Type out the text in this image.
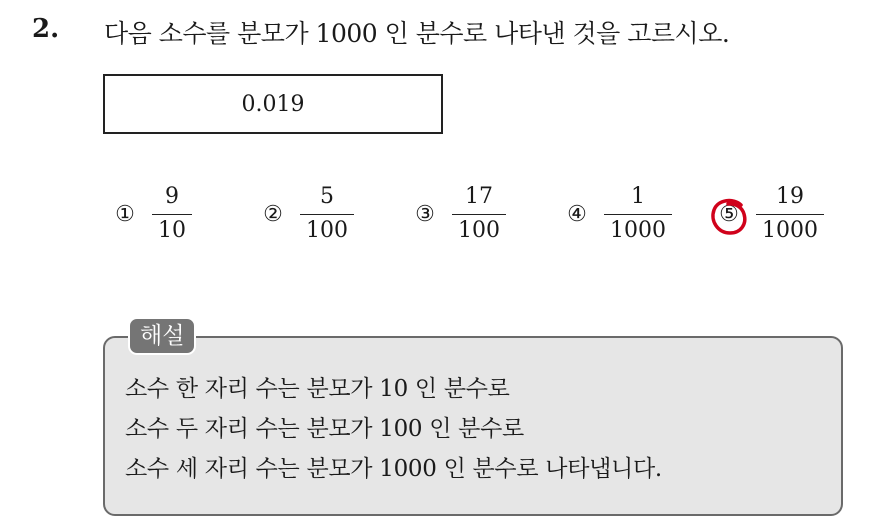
2. 다음 소수를 분모가 1000 인 분수로 나타낸 것을 고르시오.
0.019
① $\frac{9}{10}$	② $\frac{5}{100}$	③ $\frac{17}{100}$	④ $\frac{1}{1000}$ ⑤ $\frac{19}{1000}$
해설
소수 한 자리 수는 분모가 10 인 분수로
소수 두 자리 수는 분모가 100 인 분수로
소수 세 자리 수는 분모가 1000 인 분수로 나타냅니다.
